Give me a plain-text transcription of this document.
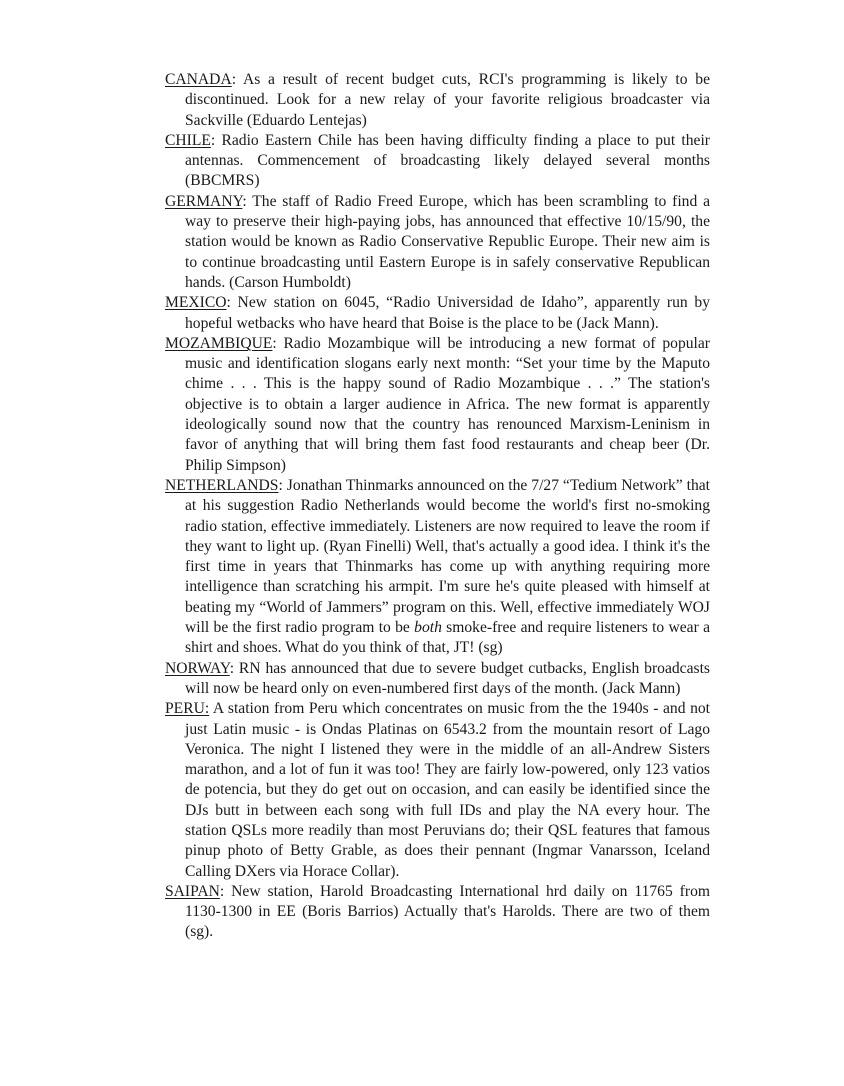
CANADA: As a result of recent budget cuts, RCI's programming is likely to be discontinued. Look for a new relay of your favorite religious broadcaster via Sackville (Eduardo Lentejas)

CHILE: Radio Eastern Chile has been having difficulty finding a place to put their antennas. Commencement of broadcasting likely delayed several months (BBCMRS)

GERMANY: The staff of Radio Freed Europe, which has been scrambling to find a way to preserve their high-paying jobs, has announced that effective 10/15/90, the station would be known as Radio Conservative Republic Europe. Their new aim is to continue broadcasting until Eastern Europe is in safely conservative Republican hands. (Carson Humboldt)

MEXICO: New station on 6045, “Radio Universidad de Idaho”, apparently run by hopeful wetbacks who have heard that Boise is the place to be (Jack Mann).

MOZAMBIQUE: Radio Mozambique will be introducing a new format of popular music and identification slogans early next month: “Set your time by the Maputo chime . . . This is the happy sound of Radio Mozambique . . .” The station's objective is to obtain a larger audience in Africa. The new format is apparently ideologically sound now that the country has renounced Marxism-Leninism in favor of anything that will bring them fast food restaurants and cheap beer (Dr. Philip Simpson)

NETHERLANDS: Jonathan Thinmarks announced on the 7/27 “Tedium Network” that at his suggestion Radio Netherlands would become the world's first no-smoking radio station, effective immediately. Listeners are now required to leave the room if they want to light up. (Ryan Finelli) Well, that's actually a good idea. I think it's the first time in years that Thinmarks has come up with anything requiring more intelligence than scratching his armpit. I'm sure he's quite pleased with himself at beating my “World of Jammers” program on this. Well, effective immediately WOJ will be the first radio program to be both smoke-free and require listeners to wear a shirt and shoes. What do you think of that, JT! (sg)

NORWAY: RN has announced that due to severe budget cutbacks, English broadcasts will now be heard only on even-numbered first days of the month. (Jack Mann)

PERU: A station from Peru which concentrates on music from the the 1940s - and not just Latin music - is Ondas Platinas on 6543.2 from the mountain resort of Lago Veronica. The night I listened they were in the middle of an all-Andrew Sisters marathon, and a lot of fun it was too! They are fairly low-powered, only 123 vatios de potencia, but they do get out on occasion, and can easily be identified since the DJs butt in between each song with full IDs and play the NA every hour. The station QSLs more readily than most Peruvians do; their QSL features that famous pinup photo of Betty Grable, as does their pennant (Ingmar Vanarsson, Iceland Calling DXers via Horace Collar).

SAIPAN: New station, Harold Broadcasting International hrd daily on 11765 from 1130-1300 in EE (Boris Barrios) Actually that's Harolds. There are two of them (sg).
